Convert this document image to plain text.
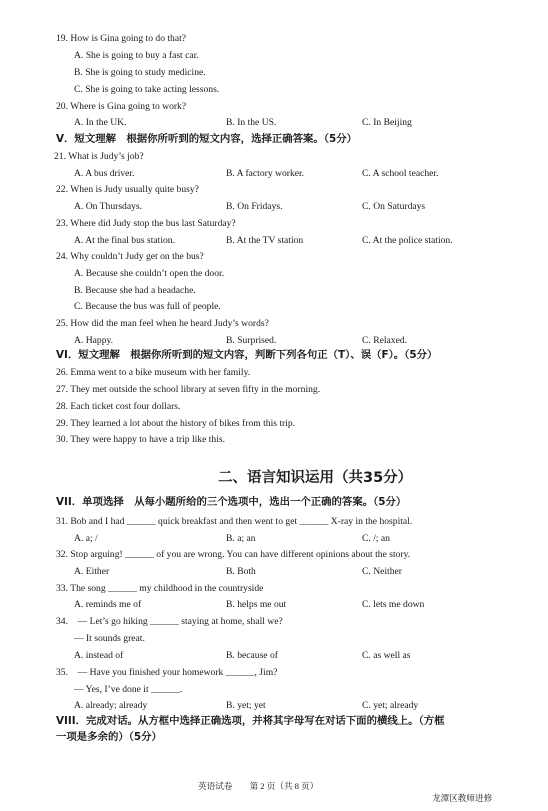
19. How is Gina going to do that?
A. She is going to buy a fast car.
B. She is going to study medicine.
C. She is going to take acting lessons.
20. Where is Gina going to work?
A. In the UK.	B. In the US.	C. In Beijing
V．短文理解　根据你所听到的短文内容，选择正确答案。（5分）
21. What is Judy’s job?
A. A bus driver.	B. A factory worker.	C. A school teacher.
22. When is Judy usually quite busy?
A. On Thursdays.	B. On Fridays.	C. On Saturdays
23. Where did Judy stop the bus last Saturday?
A. At the final bus station.	B. At the TV station	C. At the police station.
24. Why couldn’t Judy get on the bus?
A. Because she couldn’t open the door.
B. Because she had a headache.
C. Because the bus was full of people.
25. How did the man feel when he heard Judy’s words?
A. Happy.	B. Surprised.	C. Relaxed.
VI．短文理解　根据你所听到的短文内容，判断下列各句正（T）、误（F）。（5分）
26. Emma went to a bike museum with her family.
27. They met outside the school library at seven fifty in the morning.
28. Each ticket cost four dollars.
29. They learned a lot about the history of bikes from this trip.
30. They were happy to have a trip like this.
二、语言知识运用（共35分）
VII．单项选择　从每小题所给的三个选项中，选出一个正确的答案。（5分）
31. Bob and I had ______ quick breakfast and then went to get ______ X-ray in the hospital.
A. a; /	B. a; an	C. /; an
32. Stop arguing! ______ of you are wrong. You can have different opinions about the story.
A. Either	B. Both	C. Neither
33. The song ______ my childhood in the countryside
A. reminds me of	B. helps me out	C. lets me down
34.　— Let’s go hiking ______ staying at home, shall we?
— It sounds great.
A. instead of	B. because of	C. as well as
35.　— Have you finished your homework ______, Jim?
— Yes, I’ve done it ______.
A. already; already	B. yet; yet	C. yet; already
VIII．完成对话。从方框中选择正确选项，并将其字母写在对话下面的横线上。（方框
一项是多余的）（5分）
英语试卷　　第 2 页（共 8 页）
龙潭区教师进修
